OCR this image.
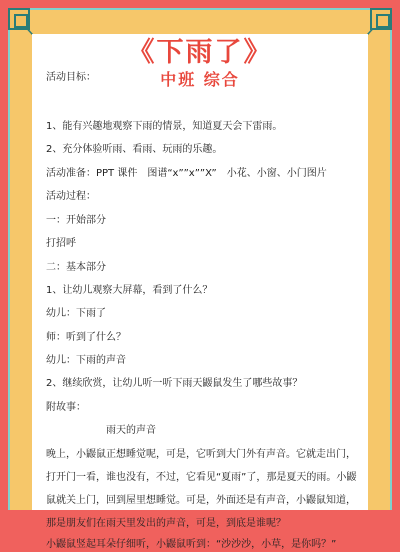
《下雨了》
中班 综合
活动目标：
1、能有兴趣地观察下雨的情景，知道夏天会下雷雨。
2、充分体验听雨、看雨、玩雨的乐趣。
活动准备：PPT 课件　图谱“x””x””X”　小花、小窗、小门图片
活动过程：
一：开始部分
打招呼
二：基本部分
1、让幼儿观察大屏幕，看到了什么？
幼儿：下雨了
师：听到了什么？
幼儿：下雨的声音
2、继续欣赏，让幼儿听一听下雨天鼹鼠发生了哪些故事？
附故事：
雨天的声音
晚上，小鼹鼠正想睡觉呢，可是，它听到大门外有声音。它就走出门，
打开门一看，谁也没有，不过，它看见“夏雨”了，那是夏天的雨。小鼹
鼠就关上门，回到屋里想睡觉。可是，外面还是有声音，小鼹鼠知道，
那是朋友们在雨天里发出的声音，可是，到底是谁呢？
小鼹鼠竖起耳朵仔细听，小鼹鼠听到：“沙沙沙，小草，是你吗？”
